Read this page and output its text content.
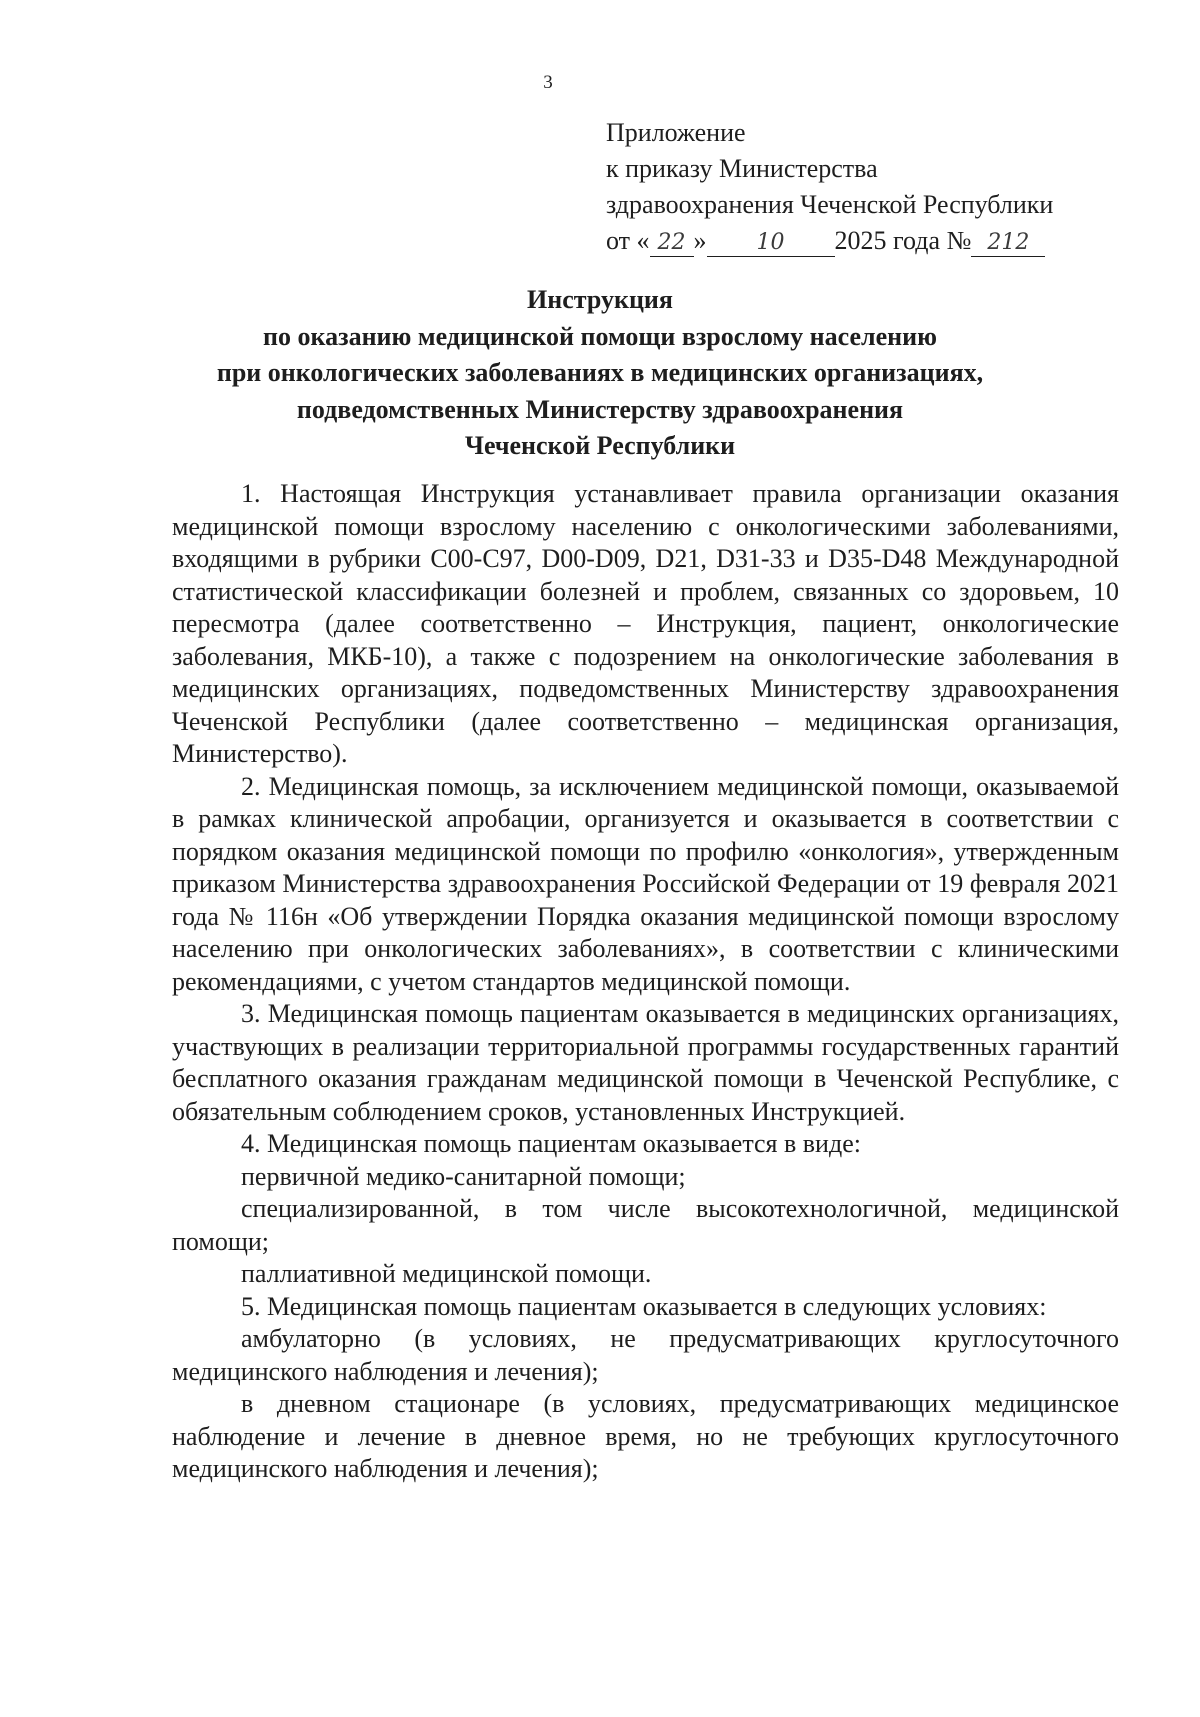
3
Приложение
к приказу Министерства
здравоохранения Чеченской Республики
от « 22 » 10 2025 года № 212
Инструкция
по оказанию медицинской помощи взрослому населению
при онкологических заболеваниях в медицинских организациях,
подведомственных Министерству здравоохранения
Чеченской Республики

1. Настоящая Инструкция устанавливает правила организации оказания медицинской помощи взрослому населению с онкологическими заболеваниями, входящими в рубрики C00-C97, D00-D09, D21, D31-33 и D35-D48 Международной статистической классификации болезней и проблем, связанных со здоровьем, 10 пересмотра (далее соответственно – Инструкция, пациент, онкологические заболевания, МКБ-10), а также с подозрением на онкологические заболевания в медицинских организациях, подведомственных Министерству здравоохранения Чеченской Республики (далее соответственно – медицинская организация, Министерство).

2. Медицинская помощь, за исключением медицинской помощи, оказываемой в рамках клинической апробации, организуется и оказывается в соответствии с порядком оказания медицинской помощи по профилю «онкология», утвержденным приказом Министерства здравоохранения Российской Федерации от 19 февраля 2021 года № 116н «Об утверждении Порядка оказания медицинской помощи взрослому населению при онкологических заболеваниях», в соответствии с клиническими рекомендациями, с учетом стандартов медицинской помощи.

3. Медицинская помощь пациентам оказывается в медицинских организациях, участвующих в реализации территориальной программы государственных гарантий бесплатного оказания гражданам медицинской помощи в Чеченской Республике, с обязательным соблюдением сроков, установленных Инструкцией.

4. Медицинская помощь пациентам оказывается в виде:

первичной медико-санитарной помощи;

специализированной, в том числе высокотехнологичной, медицинской помощи;

паллиативной медицинской помощи.

5. Медицинская помощь пациентам оказывается в следующих условиях:

амбулаторно (в условиях, не предусматривающих круглосуточного медицинского наблюдения и лечения);

в дневном стационаре (в условиях, предусматривающих медицинское наблюдение и лечение в дневное время, но не требующих круглосуточного медицинского наблюдения и лечения);
